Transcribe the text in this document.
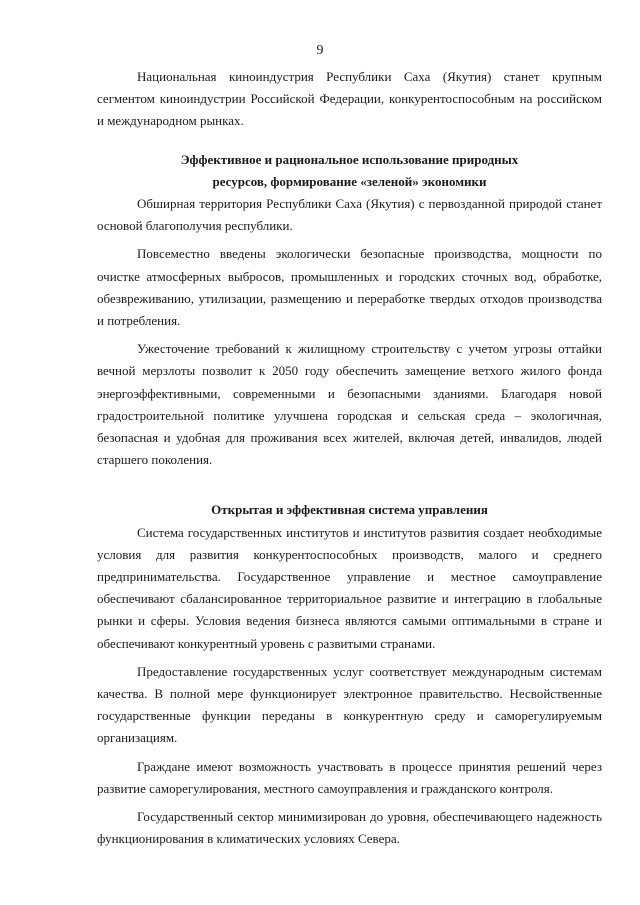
9

Национальная киноиндустрия Республики Саха (Якутия) станет крупным сегментом киноиндустрии Российской Федерации, конкурентоспособным на российском и международном рынках.

Эффективное и рациональное использование природных

ресурсов, формирование «зеленой» экономики

Обширная территория Республики Саха (Якутия) с первозданной природой станет основой благополучия республики.

Повсеместно введены экологически безопасные производства, мощности по очистке атмосферных выбросов, промышленных и городских сточных вод, обработке, обезвреживанию, утилизации, размещению и переработке твердых отходов производства и потребления.

Ужесточение требований к жилищному строительству с учетом угрозы оттайки вечной мерзлоты позволит к 2050 году обеспечить замещение ветхого жилого фонда энергоэффективными, современными и безопасными зданиями. Благодаря новой градостроительной политике улучшена городская и сельская среда – экологичная, безопасная и удобная для проживания всех жителей, включая детей, инвалидов, людей старшего поколения.

Открытая и эффективная система управления

Система государственных институтов и институтов развития создает необходимые условия для развития конкурентоспособных производств, малого и среднего предпринимательства. Государственное управление и местное самоуправление обеспечивают сбалансированное территориальное развитие и интеграцию в глобальные рынки и сферы. Условия ведения бизнеса являются самыми оптимальными в стране и обеспечивают конкурентный уровень с развитыми странами.

Предоставление государственных услуг соответствует международным системам качества. В полной мере функционирует электронное правительство. Несвойственные государственные функции переданы в конкурентную среду и саморегулируемым организациям.

Граждане имеют возможность участвовать в процессе принятия решений через развитие саморегулирования, местного самоуправления и гражданского контроля.

Государственный сектор минимизирован до уровня, обеспечивающего надежность функционирования в климатических условиях Севера.
